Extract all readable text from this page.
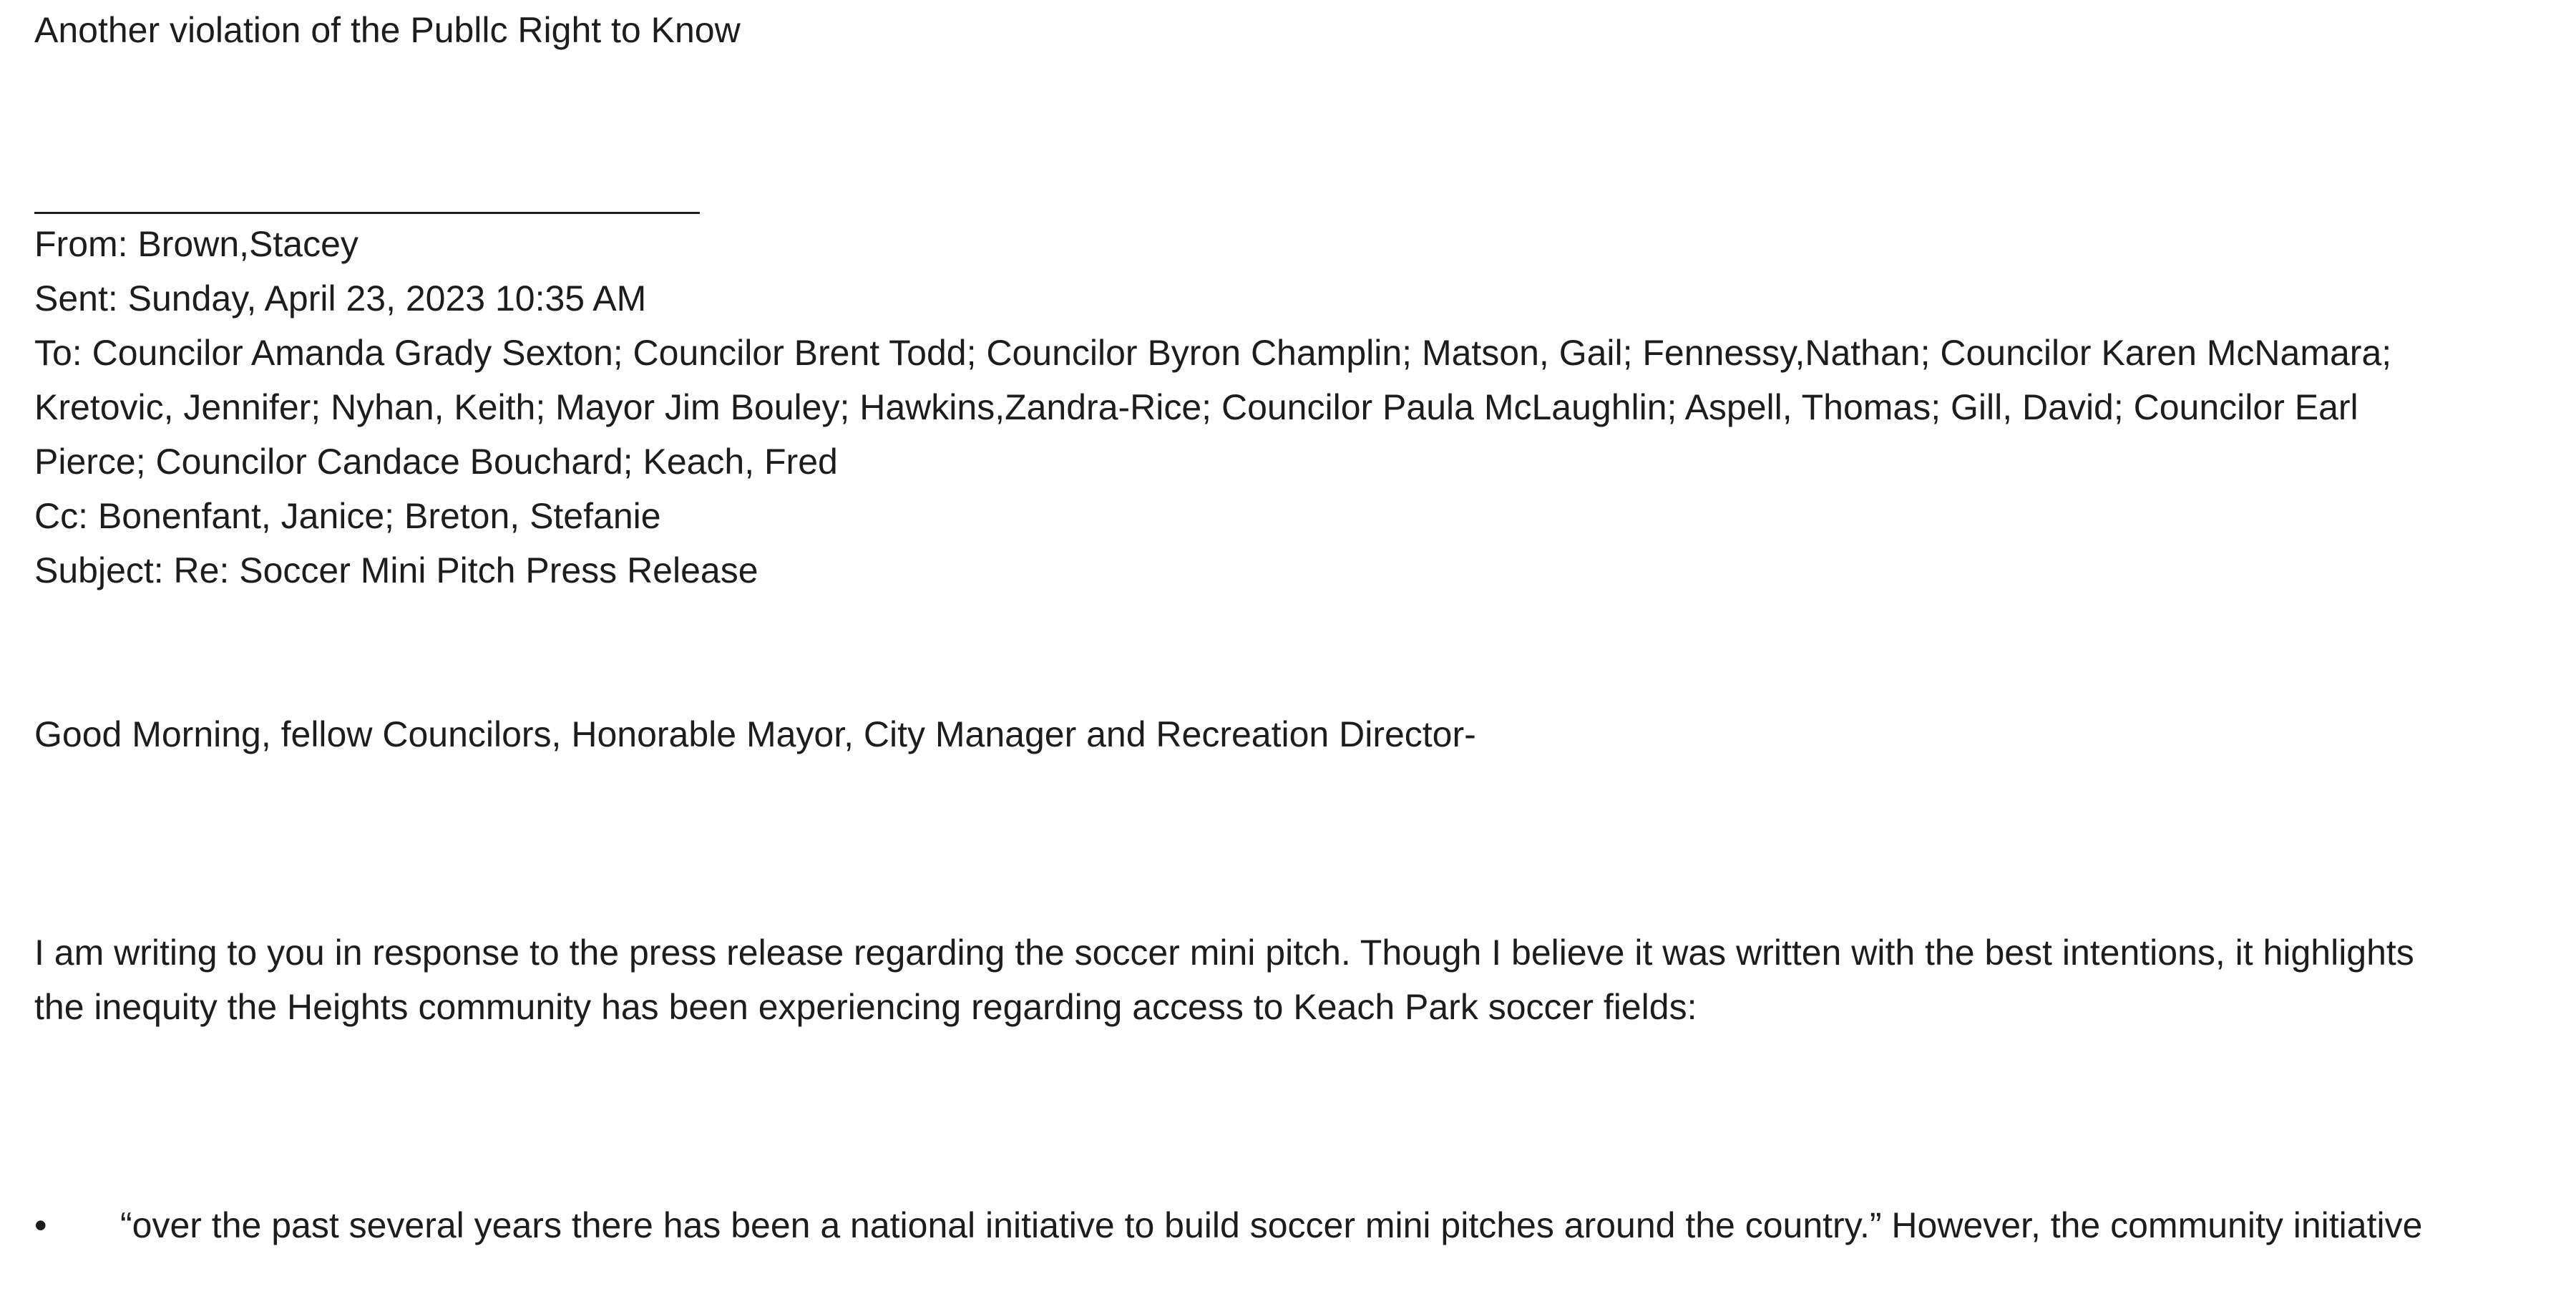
Another violation of the Publlc Right to Know

From: Brown,Stacey

Sent: Sunday, April 23, 2023 10:35 AM

To: Councilor Amanda Grady Sexton; Councilor Brent Todd; Councilor Byron Champlin; Matson, Gail; Fennessy,Nathan; Councilor Karen McNamara;

Kretovic, Jennifer; Nyhan, Keith; Mayor Jim Bouley; Hawkins,Zandra-Rice; Councilor Paula McLaughlin; Aspell, Thomas; Gill, David; Councilor Earl

Pierce; Councilor Candace Bouchard; Keach, Fred

Cc: Bonenfant, Janice; Breton, Stefanie

Subject: Re: Soccer Mini Pitch Press Release

Good Morning, fellow Councilors, Honorable Mayor, City Manager and Recreation Director-

I am writing to you in response to the press release regarding the soccer mini pitch. Though I believe it was written with the best intentions, it highlights

the inequity the Heights community has been experiencing regarding access to Keach Park soccer fields:

• “over the past several years there has been a national initiative to build soccer mini pitches around the country.” However, the community initiative
